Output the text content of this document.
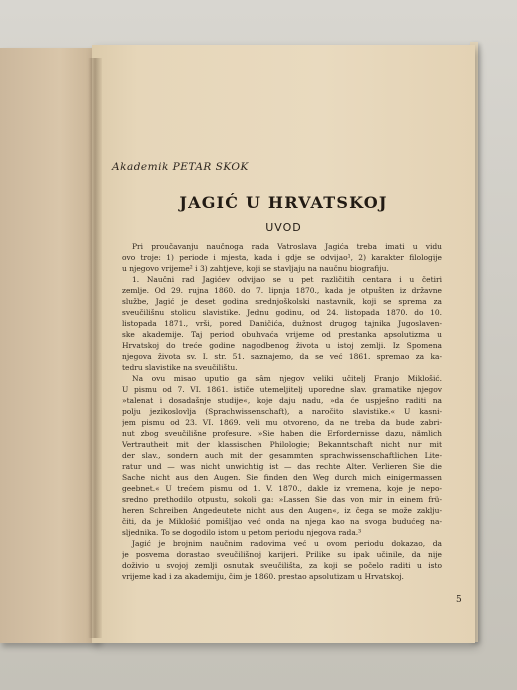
Akademik PETAR SKOK
JAGIĆ U HRVATSKOJ
UVOD
Pri proučavanju naučnoga rada Vatroslava Jagića treba imati u vidu
ovo troje: 1) periode i mjesta, kada i gdje se odvijao¹, 2) karakter filologije
u njegovo vrijeme² i 3) zahtjeve, koji se stavljaju na naučnu biografiju.
1. Naučni rad Jagićev odvijao se u pet različitih centara i u četiri
zemlje. Od 29. rujna 1860. do 7. lipnja 1870., kada je otpušten iz državne
službe, Jagić je deset godina srednjoškolski nastavnik, koji se sprema za
sveučilišnu stolicu slavistike. Jednu godinu, od 24. listopada 1870. do 10.
listopada 1871., vrši, pored Daničića, dužnost drugog tajnika Jugoslaven-
ske akademije. Taj period obuhvaća vrijeme od prestanka apsolutizma u
Hrvatskoj do treće godine nagodbenog života u istoj zemlji. Iz Spomena
njegova života sv. I. str. 51. saznajemo, da se već 1861. spremao za ka-
tedru slavistike na sveučilištu.
Na ovu misao uputio ga sâm njegov veliki učitelj Franjo Miklošić.
U pismu od 7. VI. 1861. ističe utemeljitelj uporedne slav. gramatike njegov
»talenat i dosadašnje studije«, koje daju nadu, »da će uspješno raditi na
polju jezikoslovlja (Sprachwissenschaft), a naročito slavistike.« U kasni-
jem pismu od 23. VI. 1869. veli mu otvoreno, da ne treba da bude zabri-
nut zbog sveučilišne profesure. »Sie haben die Erfordernisse dazu, nämlich
Vertrautheit mit der klassischen Philologie; Bekanntschaft nicht nur mit
der slav., sondern auch mit der gesammten sprachwissenschaftlichen Lite-
ratur und — was nicht unwichtig ist — das rechte Alter. Verlieren Sie die
Sache nicht aus den Augen. Sie finden den Weg durch mich einigermassen
geebnet.« U trećem pismu od 1. V. 1870., dakle iz vremena, koje je nepo-
sredno prethodilo otpustu, sokoli ga: »Lassen Sie das von mir in einem frü-
heren Schreiben Angedeutete nicht aus den Augen«, iz čega se može zaklju-
čiti, da je Miklošić pomišljao već onda na njega kao na svoga budućeg na-
sljednika. To se dogodilo istom u petom periodu njegova rada.³
Jagić je brojnim naučnim radovima već u ovom periodu dokazao, da
je posvema dorastao sveučilišnoj karijeri. Prilike su ipak učinile, da nije
doživio u svojoj zemlji osnutak sveučilišta, za koji se počelo raditi u isto
vrijeme kad i za akademiju, čim je 1860. prestao apsolutizam u Hrvatskoj.
5
